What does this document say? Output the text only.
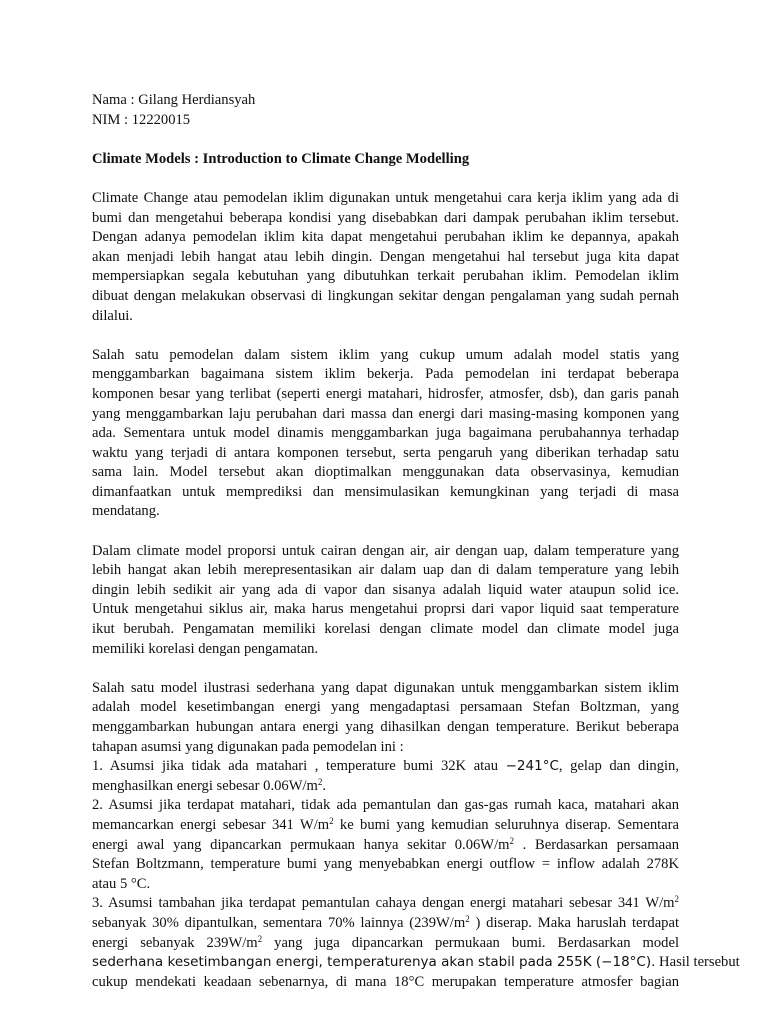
Nama : Gilang Herdiansyah

NIM : 12220015

Climate Models : Introduction to Climate Change Modelling

Climate Change atau pemodelan iklim digunakan untuk mengetahui cara kerja iklim yang ada di
bumi dan mengetahui beberapa kondisi yang disebabkan dari dampak perubahan iklim tersebut.
Dengan adanya pemodelan iklim kita dapat mengetahui perubahan iklim ke depannya, apakah
akan menjadi lebih hangat atau lebih dingin. Dengan mengetahui hal tersebut juga kita dapat
mempersiapkan segala kebutuhan yang dibutuhkan terkait perubahan iklim. Pemodelan iklim
dibuat dengan melakukan observasi di lingkungan sekitar dengan pengalaman yang sudah pernah
dilalui.
Salah satu pemodelan dalam sistem iklim yang cukup umum adalah model statis yang
menggambarkan bagaimana sistem iklim bekerja. Pada pemodelan ini terdapat beberapa
komponen besar yang terlibat (seperti energi matahari, hidrosfer, atmosfer, dsb), dan garis panah
yang menggambarkan laju perubahan dari massa dan energi dari masing-masing komponen yang
ada. Sementara untuk model dinamis menggambarkan juga bagaimana perubahannya terhadap
waktu yang terjadi di antara komponen tersebut, serta pengaruh yang diberikan terhadap satu
sama lain. Model tersebut akan dioptimalkan menggunakan data observasinya, kemudian
dimanfaatkan untuk memprediksi dan mensimulasikan kemungkinan yang terjadi di masa
mendatang.
Dalam climate model proporsi untuk cairan dengan air, air dengan uap, dalam temperature yang
lebih hangat akan lebih merepresentasikan air dalam uap dan di dalam temperature yang lebih
dingin lebih sedikit air yang ada di vapor dan sisanya adalah liquid water ataupun solid ice.
Untuk mengetahui siklus air, maka harus mengetahui proprsi dari vapor liquid saat temperature
ikut berubah. Pengamatan memiliki korelasi dengan climate model dan climate model juga
memiliki korelasi dengan pengamatan.
Salah satu model ilustrasi sederhana yang dapat digunakan untuk menggambarkan sistem iklim
adalah model kesetimbangan energi yang mengadaptasi persamaan Stefan Boltzman, yang
menggambarkan hubungan antara energi yang dihasilkan dengan temperature. Berikut beberapa
tahapan asumsi yang digunakan pada pemodelan ini :
1. Asumsi jika tidak ada matahari , temperature bumi 32K atau −241°C, gelap dan dingin,
menghasilkan energi sebesar $0.06W/m^2$.
2. Asumsi jika terdapat matahari, tidak ada pemantulan dan gas-gas rumah kaca, matahari akan
memancarkan energi sebesar 341 $W/m^2$ ke bumi yang kemudian seluruhnya diserap. Sementara
energi awal yang dipancarkan permukaan hanya sekitar $0.06W/m^2$ . Berdasarkan persamaan
Stefan Boltzmann, temperature bumi yang menyebabkan energi outflow = inflow adalah 278K
atau 5 °C.
3. Asumsi tambahan jika terdapat pemantulan cahaya dengan energi matahari sebesar 341 $W/m^2$
sebanyak 30% dipantulkan, sementara 70% lainnya ($239W/m^2$ ) diserap. Maka haruslah terdapat
energi sebanyak $239W/m^2$ yang juga dipancarkan permukaan bumi. Berdasarkan model
sederhana kesetimbangan energi, temperaturenya akan stabil pada 255K (−18°C). Hasil tersebut
cukup mendekati keadaan sebenarnya, di mana 18°C merupakan temperature atmosfer bagian
